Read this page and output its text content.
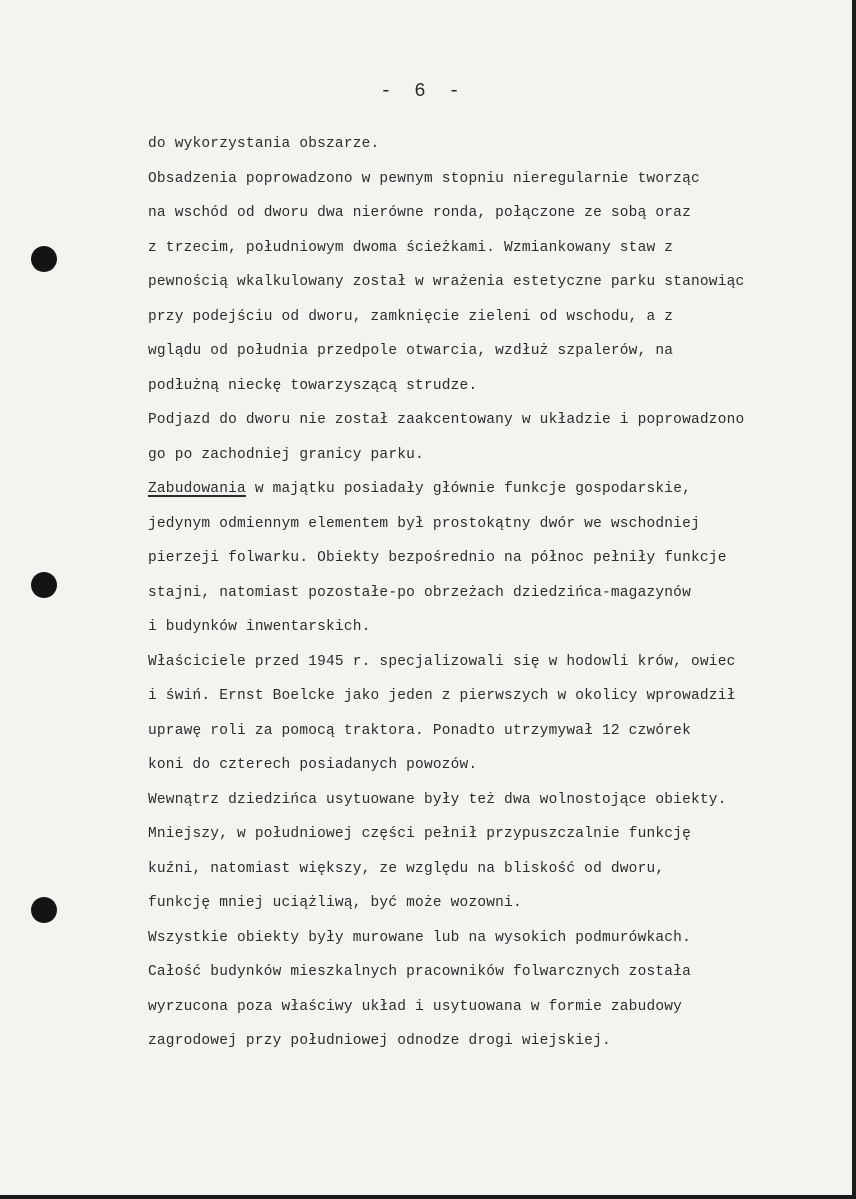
-  6  -
do wykorzystania obszarze.
Obsadzenia poprowadzono w pewnym stopniu nieregularnie tworząc
na wschód od dworu dwa nierówne ronda, połączone ze sobą oraz
z trzecim, południowym dwoma ścieżkami. Wzmiankowany staw z
pewnością wkalkulowany został w wrażenia estetyczne parku stanowiąc
przy podejściu od dworu, zamknięcie zieleni od wschodu, a z
wglądu od południa przedpole otwarcia, wzdłuż szpalerów, na
podłużną nieckę towarzyszącą strudze.
Podjazd do dworu nie został zaakcentowany w układzie i poprowadzono
go po zachodniej granicy parku.
Zabudowania w majątku posiadały głównie funkcje gospodarskie,
jedynym odmiennym elementem był prostokątny dwór we wschodniej
pierzeji folwarku. Obiekty bezpośrednio na północ pełniły funkcje
stajni, natomiast pozostałe-po obrzeżach dziedzińca-magazynów
i budynków inwentarskich.
Właściciele przed 1945 r. specjalizowali się w hodowli krów, owiec
i świń. Ernst Boelcke jako jeden z pierwszych w okolicy wprowadził
uprawę roli za pomocą traktora. Ponadto utrzymywał 12 czwórek
koni do czterech posiadanych powozów.
Wewnątrz dziedzińca usytuowane były też dwa wolnostojące obiekty.
Mniejszy, w południowej części pełnił przypuszczalnie funkcję
kuźni, natomiast większy, ze względu na bliskość od dworu,
funkcję mniej uciążliwą, być może wozowni.
Wszystkie obiekty były murowane lub na wysokich podmurówkach.
Całość budynków mieszkalnych pracowników folwarcznych została
wyrzucona poza właściwy układ i usytuowana w formie zabudowy
zagrodowej przy południowej odnodze drogi wiejskiej.
